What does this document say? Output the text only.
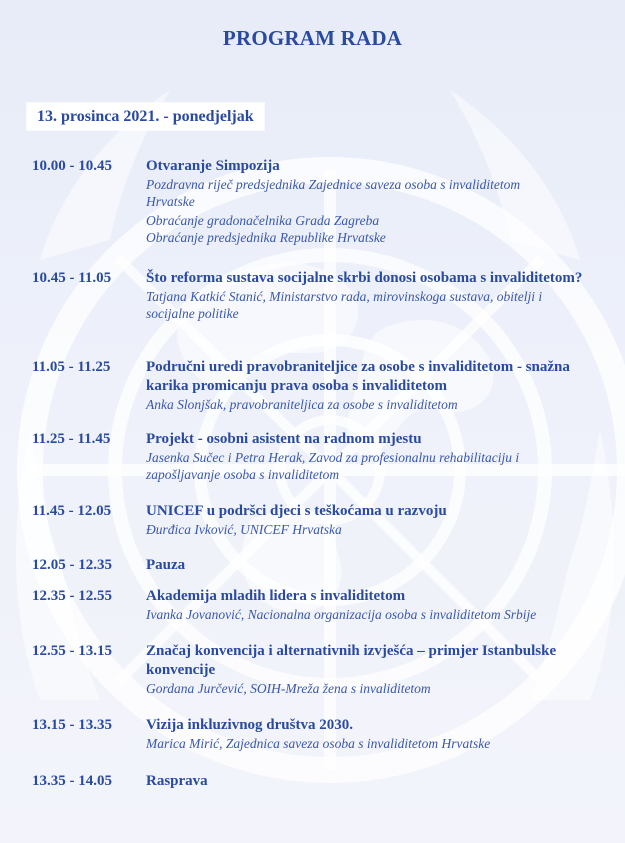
PROGRAM RADA
13. prosinca 2021. - ponedjeljak
10.00 - 10.45	Otvaranje Simpozija
Pozdravna riječ predsjednika Zajednice saveza osoba s invaliditetom
Hrvatske
Obraćanje gradonačelnika Grada Zagreba
Obraćanje predsjednika Republike Hrvatske
10.45 - 11.05	Što reforma sustava socijalne skrbi donosi osobama s invaliditetom?
Tatjana Katkić Stanić, Ministarstvo rada, mirovinskoga sustava, obitelji i
socijalne politike
11.05 - 11.25	Područni uredi pravobraniteljice za osobe s invaliditetom - snažna karika promicanju prava osoba s invaliditetom
Anka Slonjšak, pravobraniteljica za osobe s invaliditetom
11.25 - 11.45	Projekt - osobni asistent na radnom mjestu
Jasenka Sučec i Petra Herak, Zavod za profesionalnu rehabilitaciju i
zapošljavanje osoba s invaliditetom
11.45 - 12.05	UNICEF u podršci djeci s teškoćama u razvoju
Đurđica Ivković, UNICEF Hrvatska
12.05 - 12.35	Pauza
12.35 - 12.55	Akademija mladih lidera s invaliditetom
Ivanka Jovanović, Nacionalna organizacija osoba s invaliditetom Srbije
12.55 - 13.15	Značaj konvencija i alternativnih izvješća – primjer Istanbulske konvencije
Gordana Jurčević, SOIH-Mreža žena s invaliditetom
13.15 - 13.35	Vizija inkluzivnog društva 2030.
Marica Mirić, Zajednica saveza osoba s invaliditetom Hrvatske
13.35 - 14.05	Rasprava
